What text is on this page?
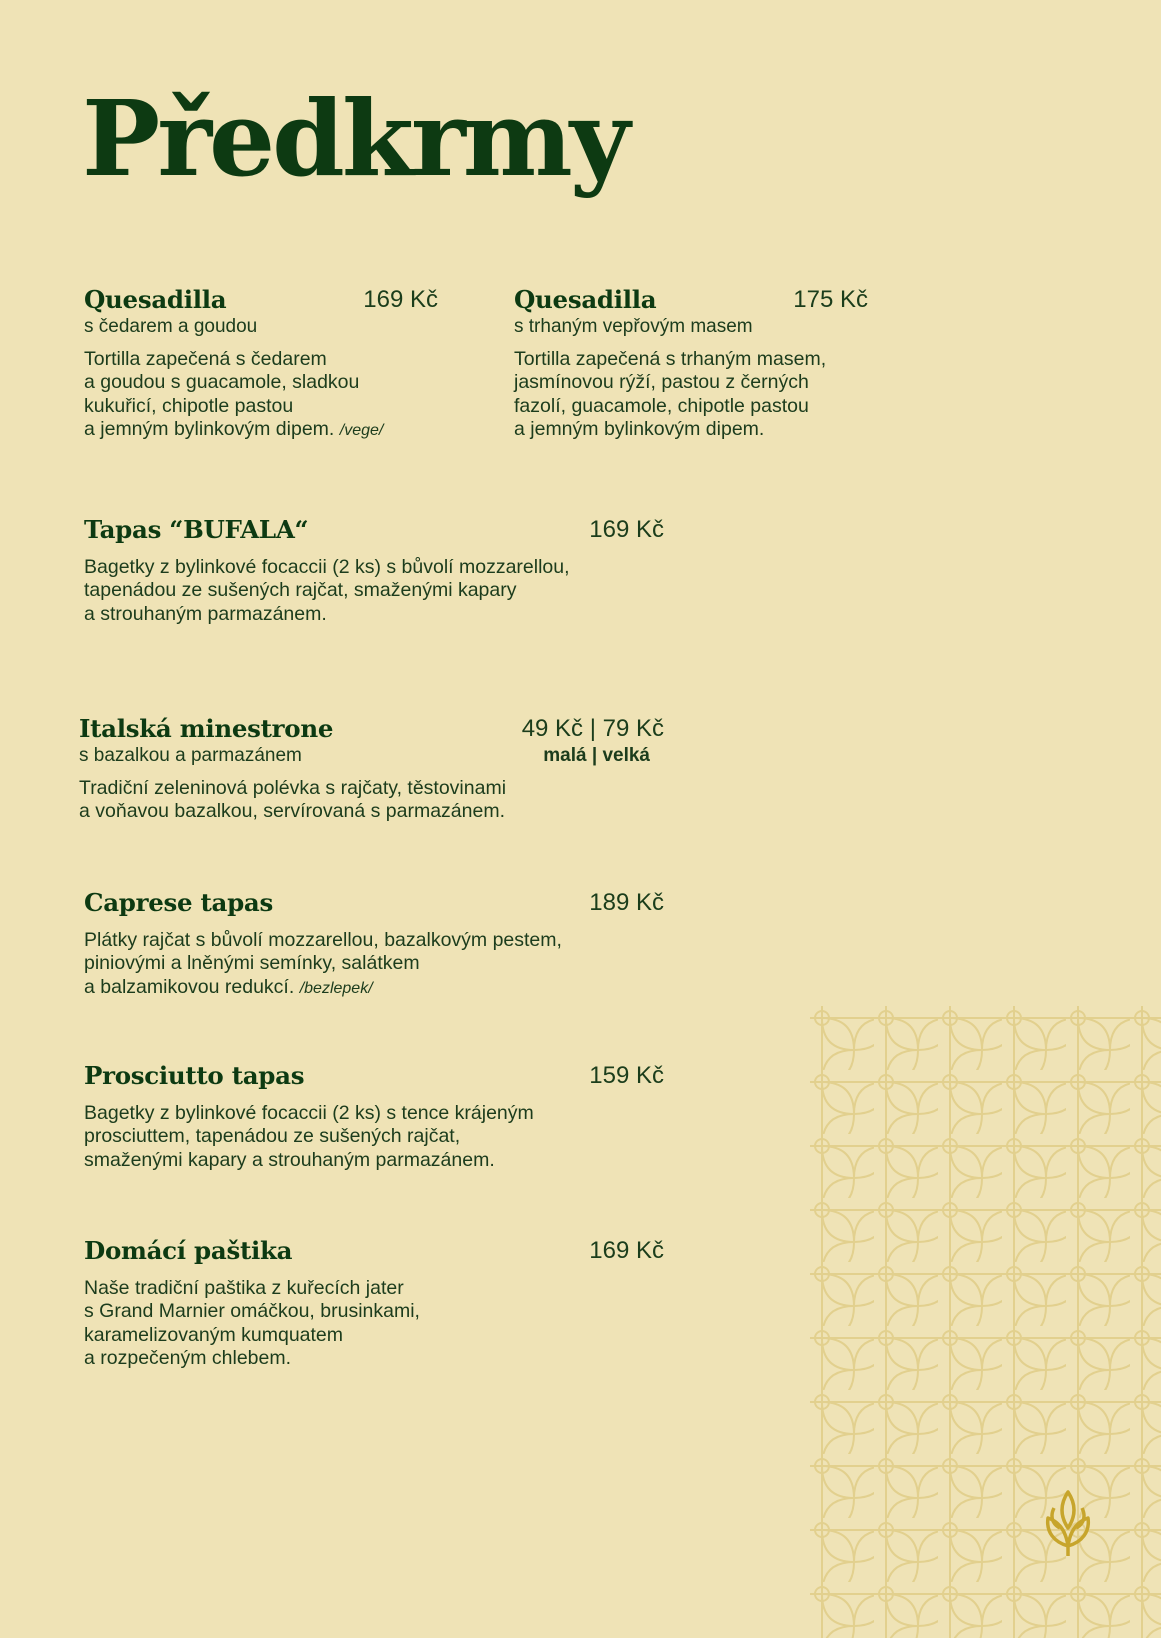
Předkrmy
Quesadilla	169 Kč
s čedarem a goudou

Tortilla zapečená s čedarem
a goudou s guacamole, sladkou
kukuřicí, chipotle pastou
a jemným bylinkovým dipem. /vege/

Quesadilla	175 Kč
s trhaným vepřovým masem

Tortilla zapečená s trhaným masem,
jasmínovou rýží, pastou z černých
fazolí, guacamole, chipotle pastou
a jemným bylinkovým dipem.

Tapas “BUFALA“	169 Kč

Bagetky z bylinkové focaccii (2 ks) s bůvolí mozzarellou,
tapenádou ze sušených rajčat, smaženými kapary
a strouhaným parmazánem.

Italská minestrone	49 Kč | 79 Kč
s bazalkou a parmazánem	malá | velká

Tradiční zeleninová polévka s rajčaty, těstovinami
a voňavou bazalkou, servírovaná s parmazánem.

Caprese tapas	189 Kč

Plátky rajčat s bůvolí mozzarellou, bazalkovým pestem,
piniovými a lněnými semínky, salátkem
a balzamikovou redukcí. /bezlepek/

Prosciutto tapas	159 Kč

Bagetky z bylinkové focaccii (2 ks) s tence krájeným
prosciuttem, tapenádou ze sušených rajčat,
smaženými kapary a strouhaným parmazánem.

Domácí paštika	169 Kč

Naše tradiční paštika z kuřecích jater
s Grand Marnier omáčkou, brusinkami,
karamelizovaným kumquatem
a rozpečeným chlebem.
